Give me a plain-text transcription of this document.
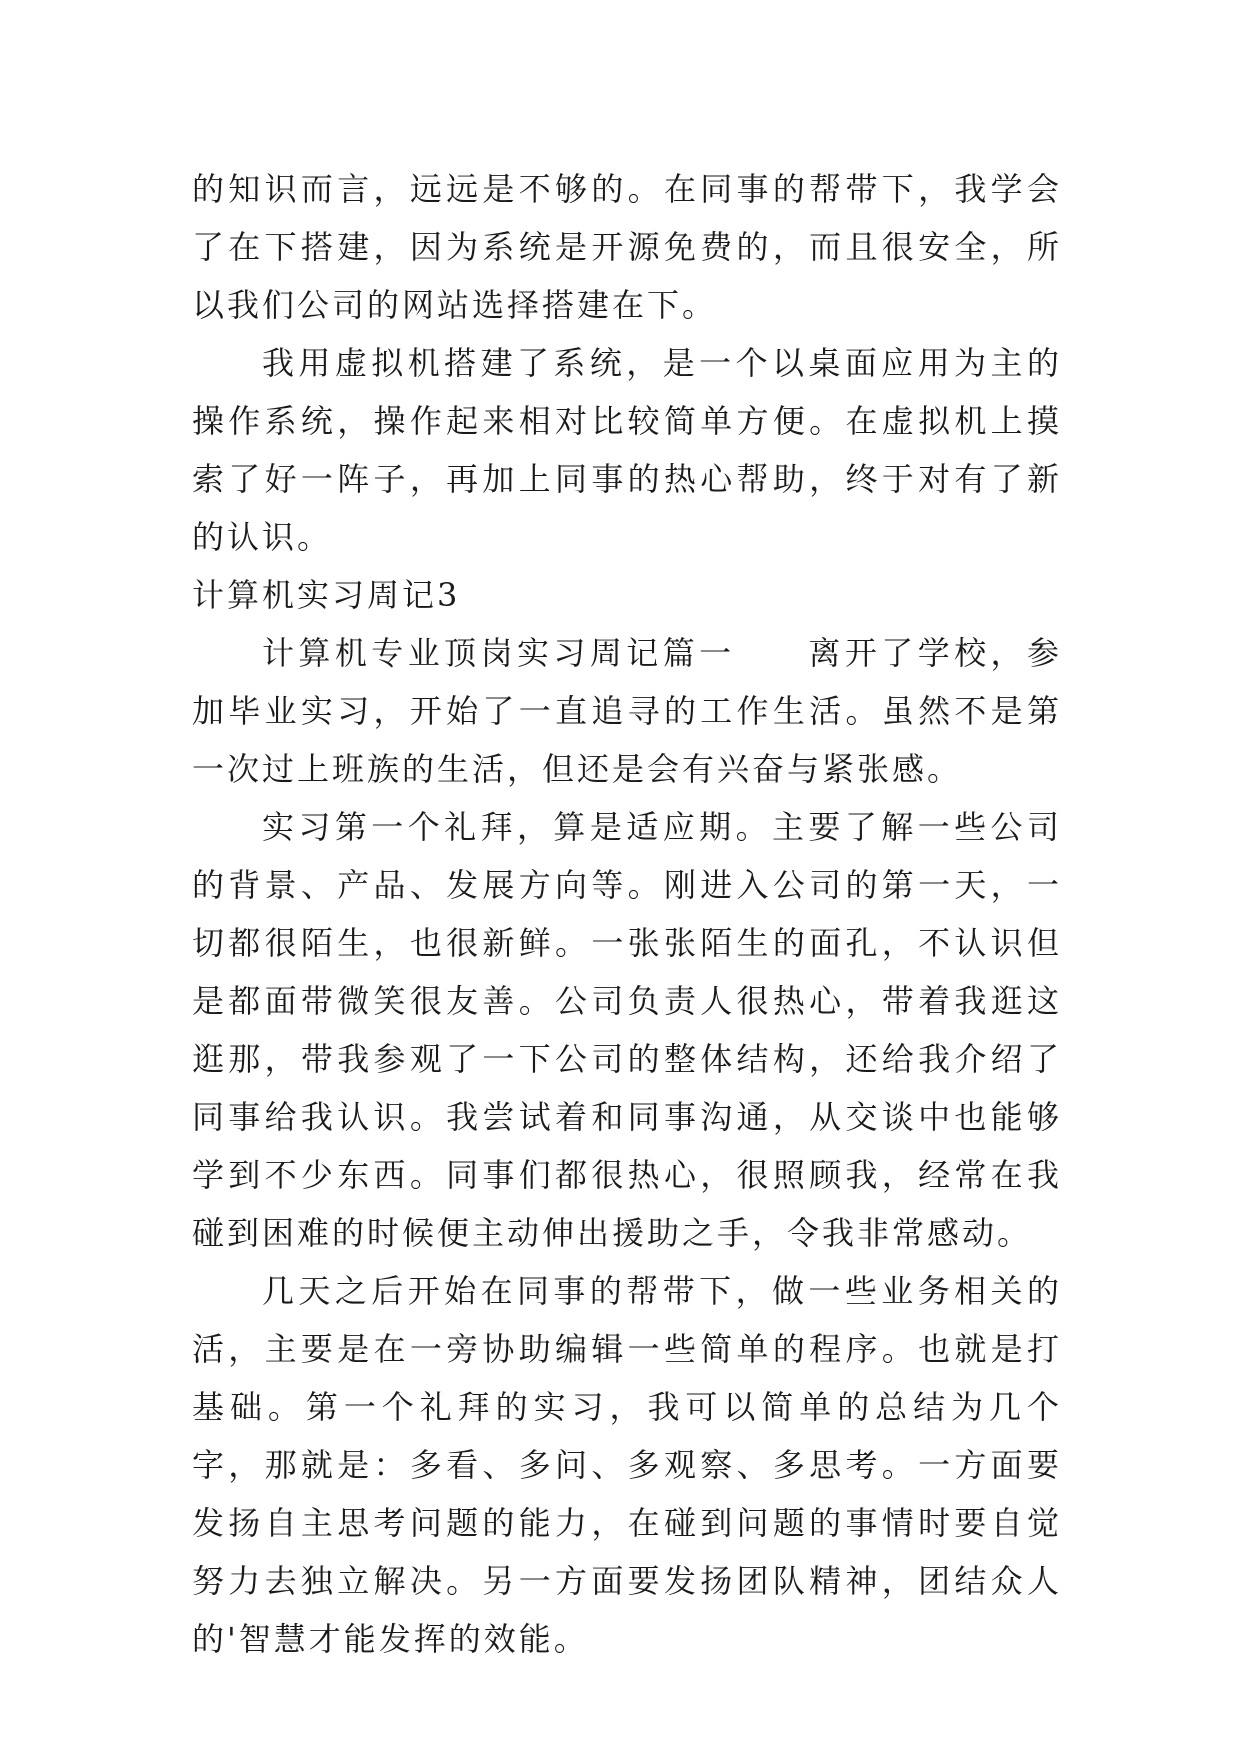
的知识而言，远远是不够的。在同事的帮带下，我学会了在下搭建，因为系统是开源免费的，而且很安全，所以我们公司的网站选择搭建在下。

我用虚拟机搭建了系统，是一个以桌面应用为主的操作系统，操作起来相对比较简单方便。在虚拟机上摸索了好一阵子，再加上同事的热心帮助，终于对有了新的认识。

计算机实习周记3

计算机专业顶岗实习周记篇一　　离开了学校，参加毕业实习，开始了一直追寻的工作生活。虽然不是第一次过上班族的生活，但还是会有兴奋与紧张感。

实习第一个礼拜，算是适应期。主要了解一些公司的背景、产品、发展方向等。刚进入公司的第一天，一切都很陌生，也很新鲜。一张张陌生的面孔，不认识但是都面带微笑很友善。公司负责人很热心，带着我逛这逛那，带我参观了一下公司的整体结构，还给我介绍了同事给我认识。我尝试着和同事沟通，从交谈中也能够学到不少东西。同事们都很热心，很照顾我，经常在我碰到困难的时候便主动伸出援助之手，令我非常感动。

几天之后开始在同事的帮带下，做一些业务相关的活，主要是在一旁协助编辑一些简单的程序。也就是打基础。第一个礼拜的实习，我可以简单的总结为几个字，那就是：多看、多问、多观察、多思考。一方面要发扬自主思考问题的能力，在碰到问题的事情时要自觉努力去独立解决。另一方面要发扬团队精神，团结众人的'智慧才能发挥的效能。
